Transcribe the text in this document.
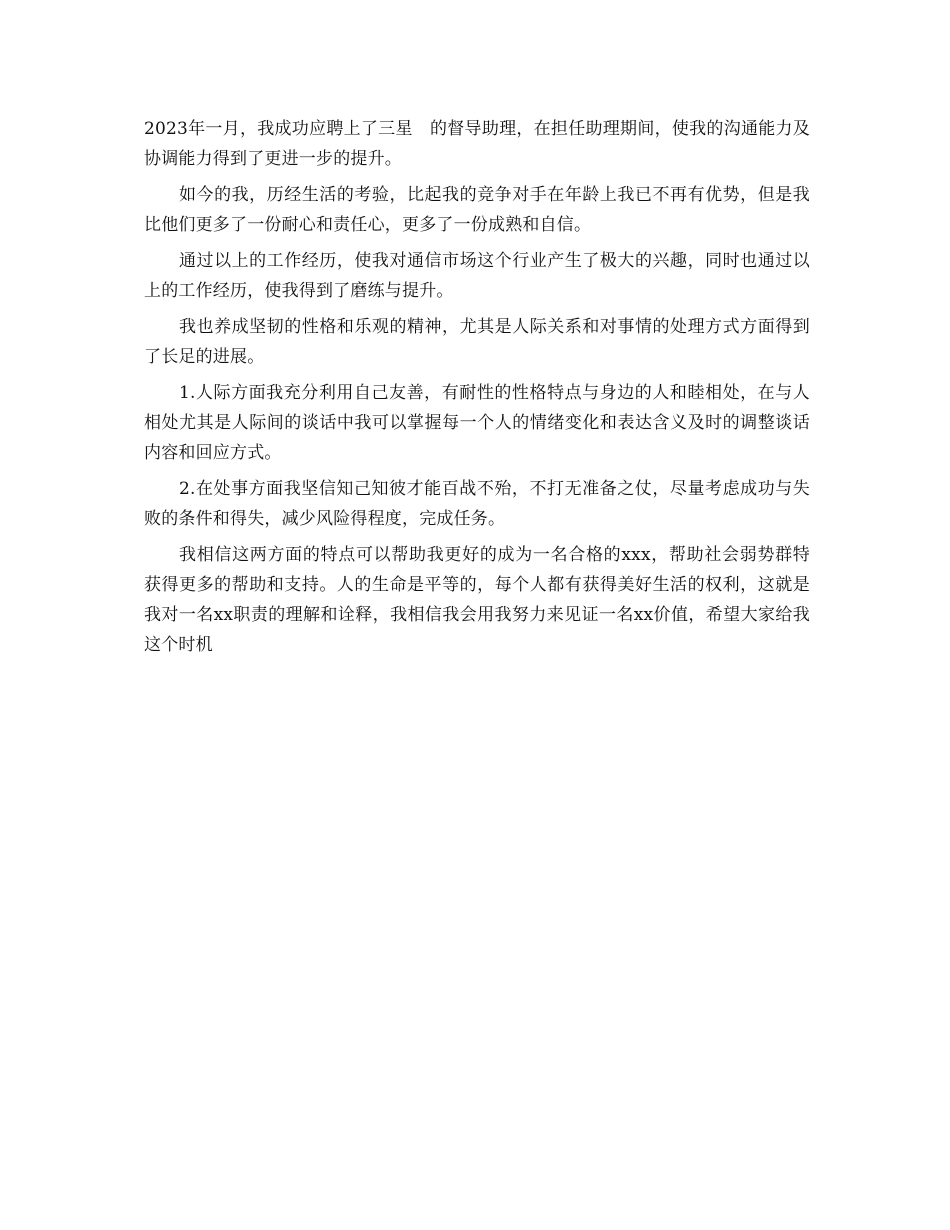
2023年一月，我成功应聘上了三星　的督导助理，在担任助理期间，使我的沟通能力及协调能力得到了更进一步的提升。

如今的我，历经生活的考验，比起我的竞争对手在年龄上我已不再有优势，但是我比他们更多了一份耐心和责任心，更多了一份成熟和自信。

通过以上的工作经历，使我对通信市场这个行业产生了极大的兴趣，同时也通过以上的工作经历，使我得到了磨练与提升。

我也养成坚韧的性格和乐观的精神，尤其是人际关系和对事情的处理方式方面得到了长足的进展。

1.人际方面我充分利用自己友善，有耐性的性格特点与身边的人和睦相处，在与人相处尤其是人际间的谈话中我可以掌握每一个人的情绪变化和表达含义及时的调整谈话内容和回应方式。

2.在处事方面我坚信知己知彼才能百战不殆，不打无准备之仗，尽量考虑成功与失败的条件和得失，减少风险得程度，完成任务。

我相信这两方面的特点可以帮助我更好的成为一名合格的xxx，帮助社会弱势群特获得更多的帮助和支持。人的生命是平等的，每个人都有获得美好生活的权利，这就是我对一名xx职责的理解和诠释，我相信我会用我努力来见证一名xx价值，希望大家给我这个时机
